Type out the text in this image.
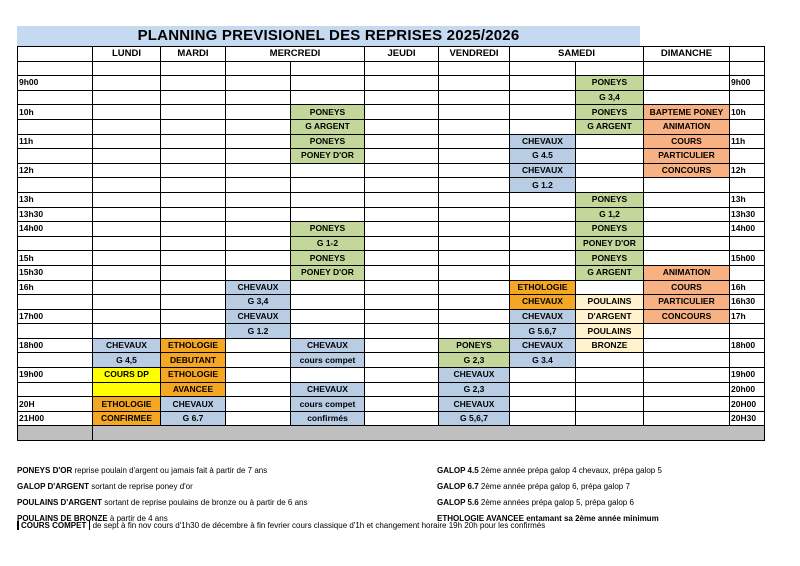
PLANNING PREVISIONEL DES REPRISES 2025/2026
	LUNDI	MARDI	MERCREDI		JEUDI	VENDREDI	SAMEDI		DIMANCHE	

9h00								PONEYS		9h00
								G 3,4		
10h				PONEYS				PONEYS	BAPTEME PONEY	10h
				G ARGENT				G ARGENT	ANIMATION	
11h				PONEYS			CHEVAUX		COURS	11h
				PONEY D'OR			G 4.5		PARTICULIER	
12h							CHEVAUX		CONCOURS	12h
							G 1.2			
13h								PONEYS		13h
13h30								G 1,2		13h30
14h00				PONEYS				PONEYS		14h00
				G 1-2				PONEY D'OR		
15h				PONEYS				PONEYS		15h00
15h30				PONEY D'OR				G ARGENT	ANIMATION	
16h			CHEVAUX				ETHOLOGIE		COURS	16h
			G 3,4				CHEVAUX	POULAINS	PARTICULIER	16h30
17h00			CHEVAUX				CHEVAUX	D'ARGENT	CONCOURS	17h
			G 1.2				G 5.6,7	POULAINS		
18h00	CHEVAUX	ETHOLOGIE		CHEVAUX		PONEYS	CHEVAUX	BRONZE		18h00
	G 4,5	DEBUTANT		cours compet		G 2,3	G 3.4			
19h00	COURS DP	ETHOLOGIE				CHEVAUX				19h00
		AVANCEE		CHEVAUX		G 2,3				20h00
20H	ETHOLOGIE	CHEVAUX		cours compet		CHEVAUX				20H00
21H00	CONFIRMEE	G 6.7		confirmés		G 5,6,7				20H30

PONEYS D'OR reprise poulain d'argent ou jamais fait à partir de 7 ans
GALOP D'ARGENT sortant de reprise poney d'or
POULAINS D'ARGENT sortant de reprise poulains de bronze ou à partir de 6 ans
POULAINS DE BRONZE à partir de 4 ans
GALOP 4.5 2ème année prépa galop 4 chevaux, prépa galop 5
GALOP 6.7 2ème année prépa galop 6, prépa galop 7
GALOP 5.6 2ème années prépa galop 5, prépa galop 6
ETHOLOGIE AVANCEE entamant sa 2ème année minimum
COURS COMPET de sept à fin nov cours d'1h30 de décembre à fin fevrier cours classique d'1h et changement horaire 19h 20h pour les confirmés
